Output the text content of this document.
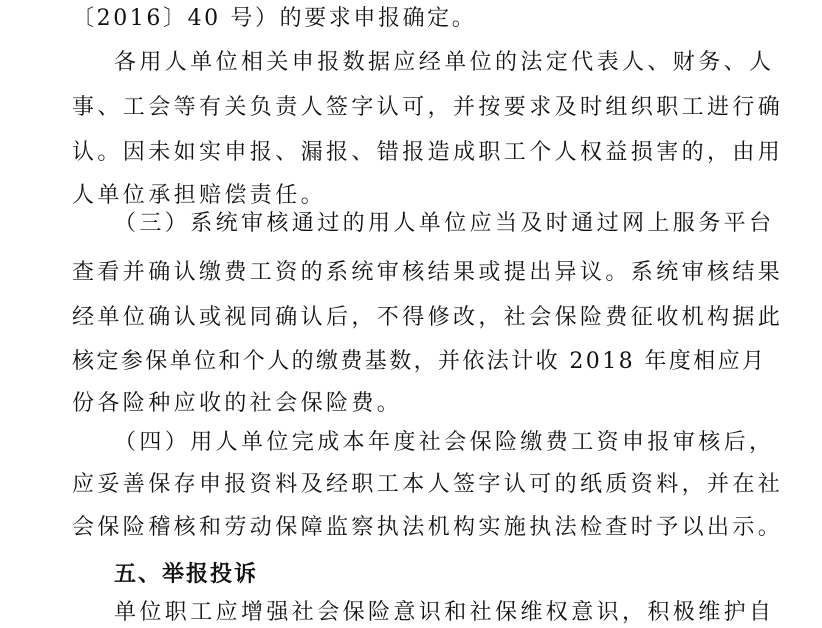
〔2016〕40 号）的要求申报确定。
各用人单位相关申报数据应经单位的法定代表人、财务、人
事、工会等有关负责人签字认可，并按要求及时组织职工进行确
认。因未如实申报、漏报、错报造成职工个人权益损害的，由用
人单位承担赔偿责任。
（三）系统审核通过的用人单位应当及时通过网上服务平台
查看并确认缴费工资的系统审核结果或提出异议。系统审核结果
经单位确认或视同确认后，不得修改，社会保险费征收机构据此
核定参保单位和个人的缴费基数，并依法计收 2018 年度相应月
份各险种应收的社会保险费。
（四）用人单位完成本年度社会保险缴费工资申报审核后，
应妥善保存申报资料及经职工本人签字认可的纸质资料，并在社
会保险稽核和劳动保障监察执法机构实施执法检查时予以出示。
五、举报投诉
单位职工应增强社会保险意识和社保维权意识，积极维护自
